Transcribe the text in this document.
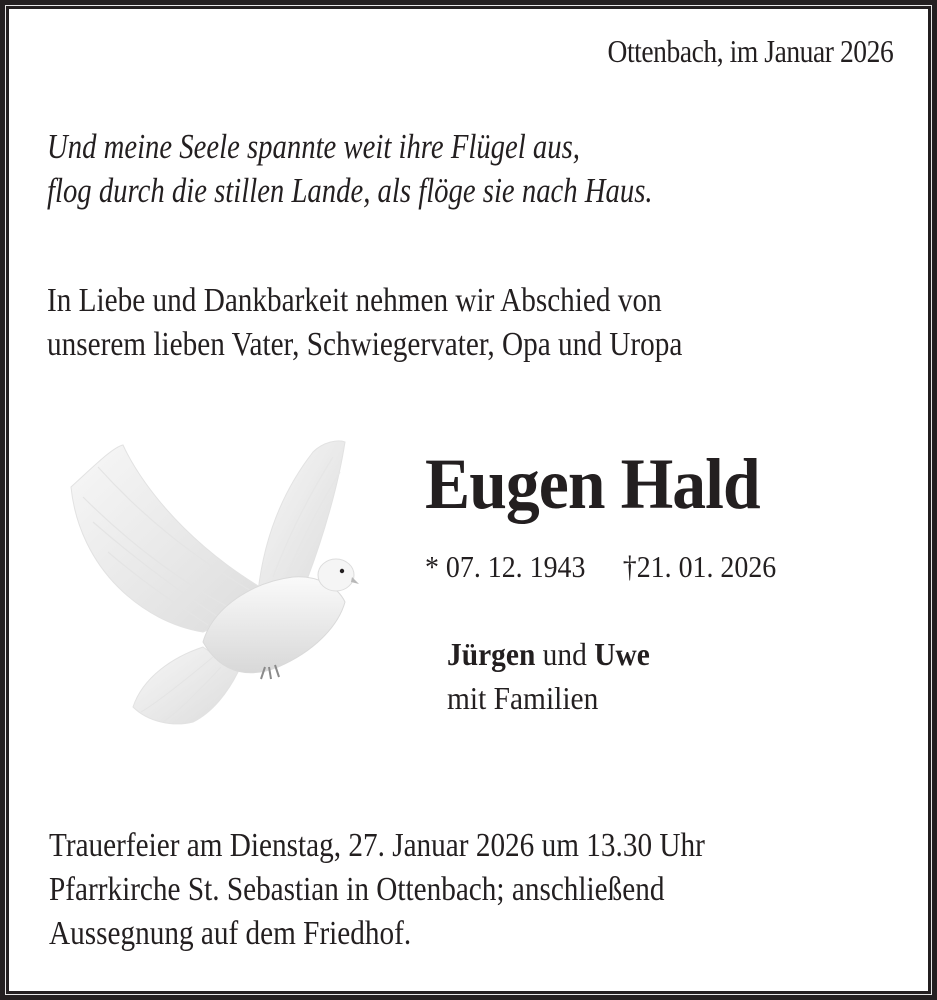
Ottenbach, im Januar 2026
Und meine Seele spannte weit ihre Flügel aus,
flog durch die stillen Lande, als flöge sie nach Haus.
In Liebe und Dankbarkeit nehmen wir Abschied von
unserem lieben Vater, Schwiegervater, Opa und Uropa
Eugen Hald
* 07. 12. 1943 †21. 01. 2026
Jürgen und Uwe
mit Familien
Trauerfeier am Dienstag, 27. Januar 2026 um 13.30 Uhr
Pfarrkirche St. Sebastian in Ottenbach; anschließend
Aussegnung auf dem Friedhof.
